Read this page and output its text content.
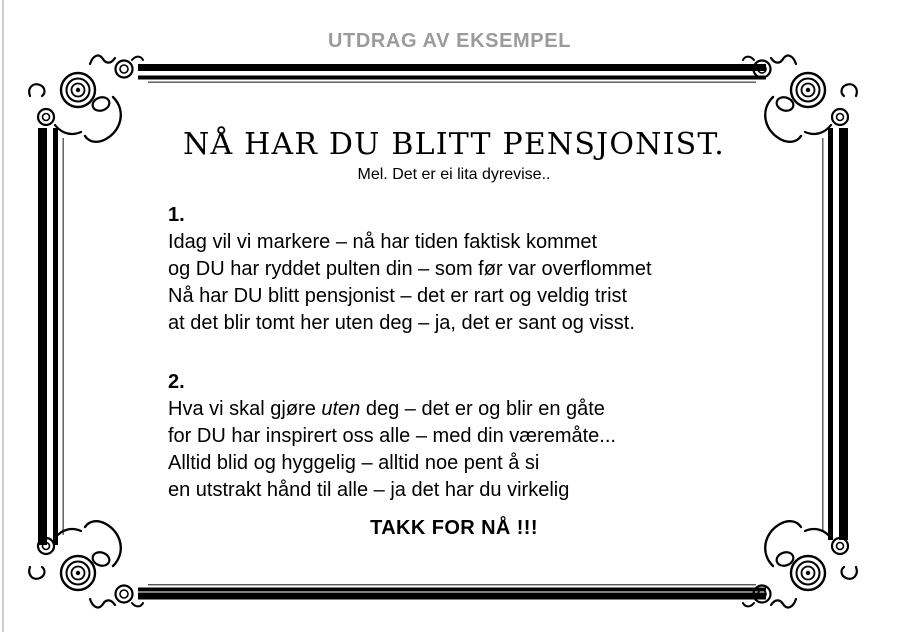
UTDRAG AV EKSEMPEL
NÅ HAR DU BLITT PENSJONIST.
Mel. Det er ei lita dyrevise..
1.
Idag vil vi markere – nå har tiden faktisk kommet
og DU har ryddet pulten din – som før var overflommet
Nå har DU blitt pensjonist – det er rart og veldig trist
at det blir tomt her uten deg – ja, det er sant og visst.
2.
Hva vi skal gjøre uten deg – det er og blir en gåte
for DU har inspirert oss alle – med din væremåte...
Alltid blid og hyggelig – alltid noe pent å si
en utstrakt hånd til alle – ja det har du virkelig
TAKK FOR NÅ !!!
